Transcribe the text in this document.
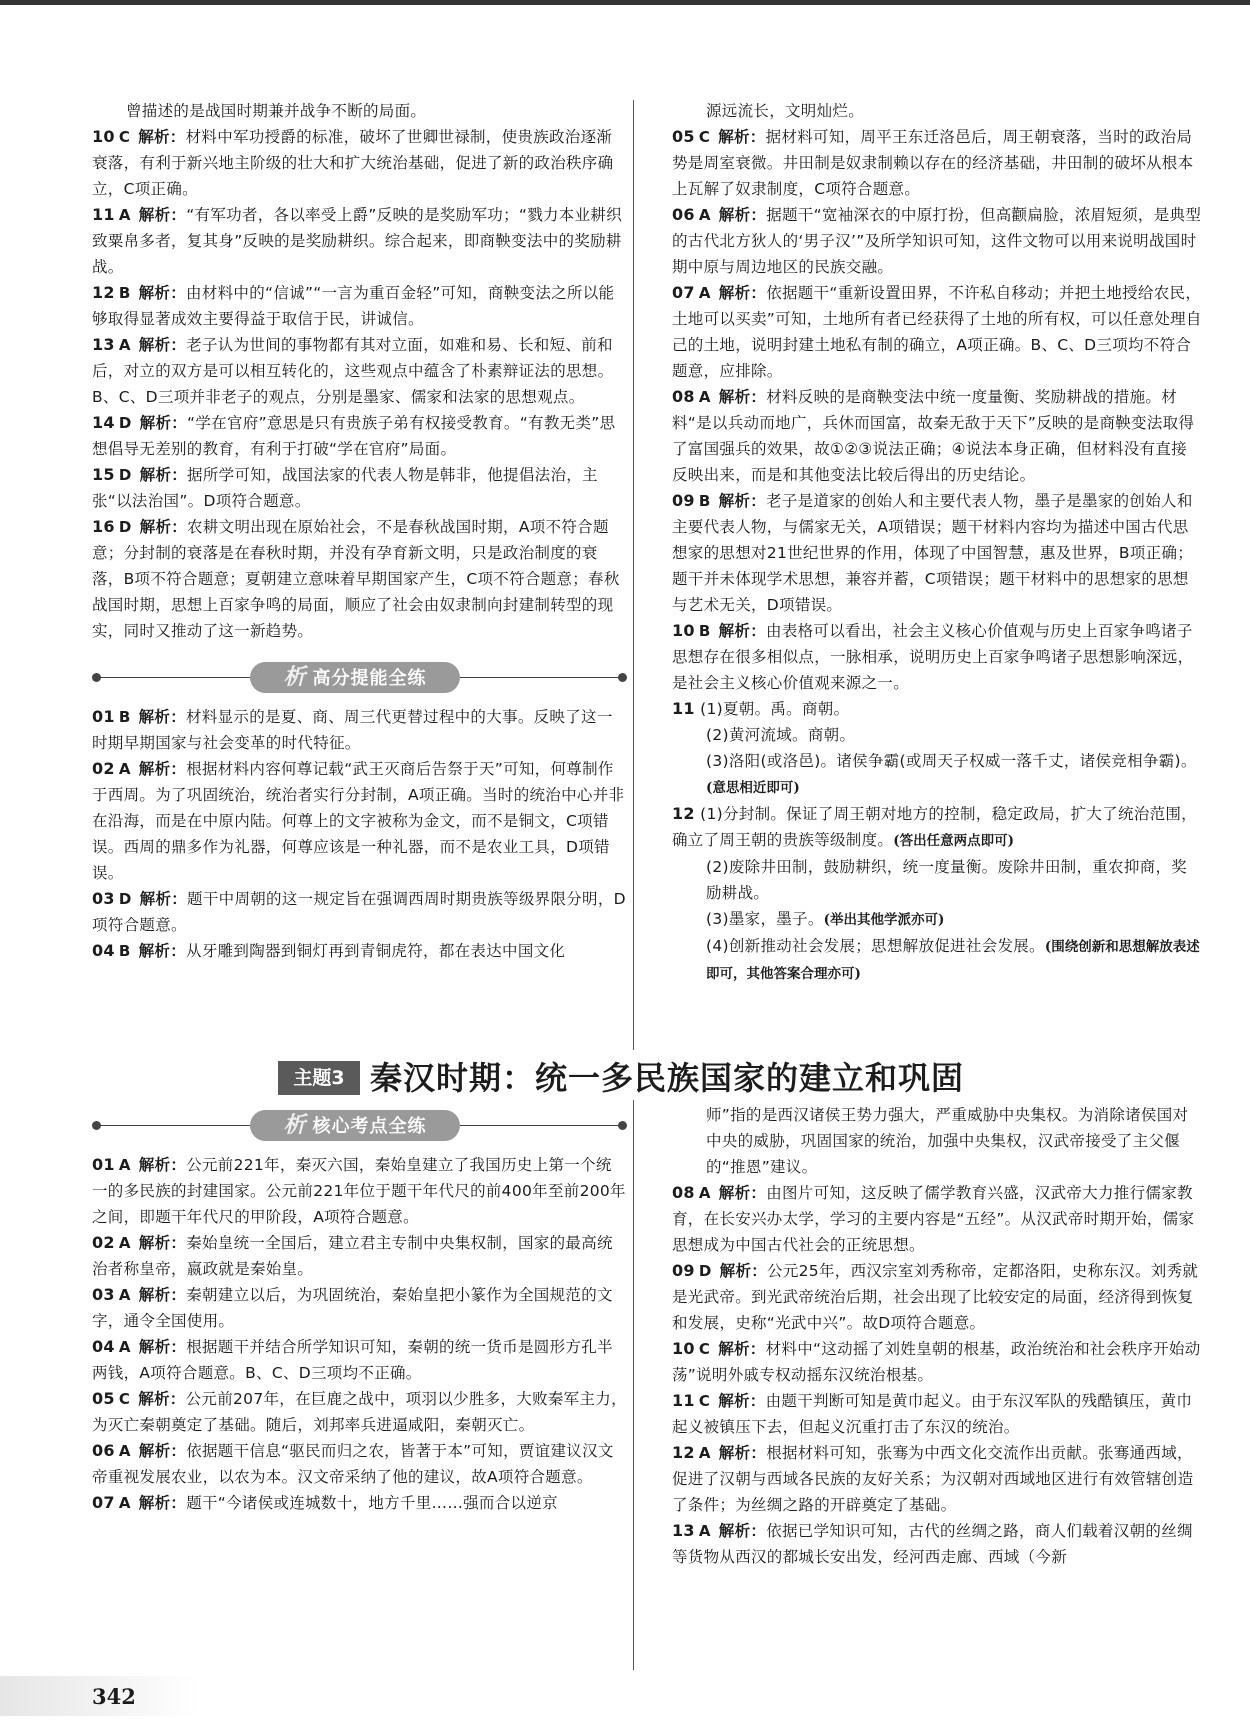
曾描述的是战国时期兼并战争不断的局面。
10 C 解析：材料中军功授爵的标准，破坏了世卿世禄制，使贵族政治逐渐衰落，有利于新兴地主阶级的壮大和扩大统治基础，促进了新的政治秩序确立，C项正确。
11 A 解析：“有军功者，各以率受上爵”反映的是奖励军功；“戮力本业耕织致粟帛多者，复其身”反映的是奖励耕织。综合起来，即商鞅变法中的奖励耕战。
12 B 解析：由材料中的“信诚”“一言为重百金轻”可知，商鞅变法之所以能够取得显著成效主要得益于取信于民，讲诚信。
13 A 解析：老子认为世间的事物都有其对立面，如难和易、长和短、前和后，对立的双方是可以相互转化的，这些观点中蕴含了朴素辩证法的思想。B、C、D三项并非老子的观点，分别是墨家、儒家和法家的思想观点。
14 D 解析：“学在官府”意思是只有贵族子弟有权接受教育。“有教无类”思想倡导无差别的教育，有利于打破“学在官府”局面。
15 D 解析：据所学可知，战国法家的代表人物是韩非，他提倡法治，主张“以法治国”。D项符合题意。
16 D 解析：农耕文明出现在原始社会，不是春秋战国时期，A项不符合题意；分封制的衰落是在春秋时期，并没有孕育新文明，只是政治制度的衰落，B项不符合题意；夏朝建立意味着早期国家产生，C项不符合题意；春秋战国时期，思想上百家争鸣的局面，顺应了社会由奴隶制向封建制转型的现实，同时又推动了这一新趋势。
析 高分提能全练
01 B 解析：材料显示的是夏、商、周三代更替过程中的大事。反映了这一时期早期国家与社会变革的时代特征。
02 A 解析：根据材料内容何尊记载“武王灭商后告祭于天”可知，何尊制作于西周。为了巩固统治，统治者实行分封制，A项正确。当时的统治中心并非在沿海，而是在中原内陆。何尊上的文字被称为金文，而不是铜文，C项错误。西周的鼎多作为礼器，何尊应该是一种礼器，而不是农业工具，D项错误。
03 D 解析：题干中周朝的这一规定旨在强调西周时期贵族等级界限分明，D项符合题意。
04 B 解析：从牙雕到陶器到铜灯再到青铜虎符，都在表达中国文化
源远流长，文明灿烂。
05 C 解析：据材料可知，周平王东迁洛邑后，周王朝衰落，当时的政治局势是周室衰微。井田制是奴隶制赖以存在的经济基础，井田制的破坏从根本上瓦解了奴隶制度，C项符合题意。
06 A 解析：据题干“宽袖深衣的中原打扮，但高颧扁脸，浓眉短须，是典型的古代北方狄人的‘男子汉’”及所学知识可知，这件文物可以用来说明战国时期中原与周边地区的民族交融。
07 A 解析：依据题干“重新设置田界，不许私自移动；并把土地授给农民，土地可以买卖”可知，土地所有者已经获得了土地的所有权，可以任意处理自己的土地，说明封建土地私有制的确立，A项正确。B、C、D三项均不符合题意，应排除。
08 A 解析：材料反映的是商鞅变法中统一度量衡、奖励耕战的措施。材料“是以兵动而地广，兵休而国富，故秦无敌于天下”反映的是商鞅变法取得了富国强兵的效果，故①②③说法正确；④说法本身正确，但材料没有直接反映出来，而是和其他变法比较后得出的历史结论。
09 B 解析：老子是道家的创始人和主要代表人物，墨子是墨家的创始人和主要代表人物，与儒家无关，A项错误；题干材料内容均为描述中国古代思想家的思想对21世纪世界的作用，体现了中国智慧，惠及世界，B项正确；题干并未体现学术思想，兼容并蓄，C项错误；题干材料中的思想家的思想与艺术无关，D项错误。
10 B 解析：由表格可以看出，社会主义核心价值观与历史上百家争鸣诸子思想存在很多相似点，一脉相承，说明历史上百家争鸣诸子思想影响深远，是社会主义核心价值观来源之一。
11 (1)夏朝。禹。商朝。
(2)黄河流域。商朝。
(3)洛阳(或洛邑)。诸侯争霸(或周天子权威一落千丈，诸侯竞相争霸)。(意思相近即可)
12 (1)分封制。保证了周王朝对地方的控制，稳定政局，扩大了统治范围，确立了周王朝的贵族等级制度。(答出任意两点即可)
(2)废除井田制，鼓励耕织，统一度量衡。废除井田制，重农抑商，奖励耕战。
(3)墨家，墨子。(举出其他学派亦可)
(4)创新推动社会发展；思想解放促进社会发展。(围绕创新和思想解放表述即可，其他答案合理亦可)
主题3 秦汉时期：统一多民族国家的建立和巩固
析 核心考点全练
01 A 解析：公元前221年，秦灭六国，秦始皇建立了我国历史上第一个统一的多民族的封建国家。公元前221年位于题干年代尺的前400年至前200年之间，即题干年代尺的甲阶段，A项符合题意。
02 A 解析：秦始皇统一全国后，建立君主专制中央集权制，国家的最高统治者称皇帝，嬴政就是秦始皇。
03 A 解析：秦朝建立以后，为巩固统治，秦始皇把小篆作为全国规范的文字，通令全国使用。
04 A 解析：根据题干并结合所学知识可知，秦朝的统一货币是圆形方孔半两钱，A项符合题意。B、C、D三项均不正确。
05 C 解析：公元前207年，在巨鹿之战中，项羽以少胜多，大败秦军主力，为灭亡秦朝奠定了基础。随后，刘邦率兵进逼咸阳，秦朝灭亡。
06 A 解析：依据题干信息“驱民而归之农，皆著于本”可知，贾谊建议汉文帝重视发展农业，以农为本。汉文帝采纳了他的建议，故A项符合题意。
07 A 解析：题干“今诸侯或连城数十，地方千里……强而合以逆京
师”指的是西汉诸侯王势力强大，严重威胁中央集权。为消除诸侯国对中央的威胁，巩固国家的统治，加强中央集权，汉武帝接受了主父偃的“推恩”建议。
08 A 解析：由图片可知，这反映了儒学教育兴盛，汉武帝大力推行儒家教育，在长安兴办太学，学习的主要内容是“五经”。从汉武帝时期开始，儒家思想成为中国古代社会的正统思想。
09 D 解析：公元25年，西汉宗室刘秀称帝，定都洛阳，史称东汉。刘秀就是光武帝。到光武帝统治后期，社会出现了比较安定的局面，经济得到恢复和发展，史称“光武中兴”。故D项符合题意。
10 C 解析：材料中“这动摇了刘姓皇朝的根基，政治统治和社会秩序开始动荡”说明外戚专权动摇东汉统治根基。
11 C 解析：由题干判断可知是黄巾起义。由于东汉军队的残酷镇压，黄巾起义被镇压下去，但起义沉重打击了东汉的统治。
12 A 解析：根据材料可知，张骞为中西文化交流作出贡献。张骞通西域，促进了汉朝与西域各民族的友好关系；为汉朝对西域地区进行有效管辖创造了条件；为丝绸之路的开辟奠定了基础。
13 A 解析：依据已学知识可知，古代的丝绸之路，商人们载着汉朝的丝绸等货物从西汉的都城长安出发，经河西走廊、西域（今新
342
